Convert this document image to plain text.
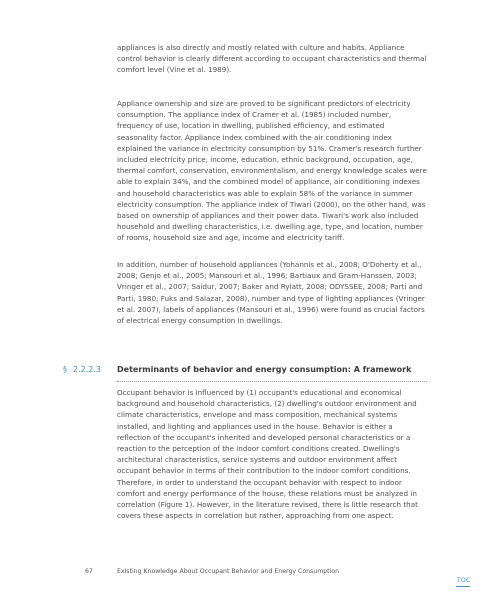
appliances is also directly and mostly related with culture and habits. Appliance control behavior is clearly different according to occupant characteristics and thermal comfort level (Vine et al. 1989).

Appliance ownership and size are proved to be significant predictors of electricity consumption. The appliance index of Cramer et al. (1985) included number, frequency of use, location in dwelling, published efficiency, and estimated seasonality factor. Appliance index combined with the air conditioning index explained the variance in electricity consumption by 51%. Cramer's research further included electricity price, income, education, ethnic background, occupation, age, thermal comfort, conservation, environmentalism, and energy knowledge scales were able to explain 34%, and the combined model of appliance, air conditioning indexes and household characteristics was able to explain 58% of the variance in summer electricity consumption. The appliance index of Tiwari (2000), on the other hand, was based on ownership of appliances and their power data. Tiwari's work also included household and dwelling characteristics, i.e. dwelling age, type, and location, number of rooms, household size and age, income and electricity tariff.

In addition, number of household appliances (Yohannis et al., 2008; O'Doherty et al., 2008; Genjo et al., 2005; Mansouri et al., 1996; Bartiaux and Gram-Hanssen, 2003; Vringer et al., 2007; Saidur, 2007; Baker and Rylatt, 2008; ODYSSEE, 2008; Parti and Parti, 1980; Fuks and Salazar, 2008), number and type of lighting appliances (Vringer et al. 2007), labels of appliances (Mansouri et al., 1996) were found as crucial factors of electrical energy consumption in dwellings.

§ 2.2.2.3 Determinants of behavior and energy consumption: A framework

Occupant behavior is influenced by (1) occupant's educational and economical background and household characteristics, (2) dwelling's outdoor environment and climate characteristics, envelope and mass composition, mechanical systems installed, and lighting and appliances used in the house. Behavior is either a reflection of the occupant's inherited and developed personal characteristics or a reaction to the perception of the indoor comfort conditions created. Dwelling's architectural characteristics, service systems and outdoor environment affect occupant behavior in terms of their contribution to the indoor comfort conditions. Therefore, in order to understand the occupant behavior with respect to indoor comfort and energy performance of the house, these relations must be analyzed in correlation (Figure 1). However, in the literature revised, there is little research that covers these aspects in correlation but rather, approaching from one aspect.

67	Existing Knowledge About Occupant Behavior and Energy Consumption
TOC
